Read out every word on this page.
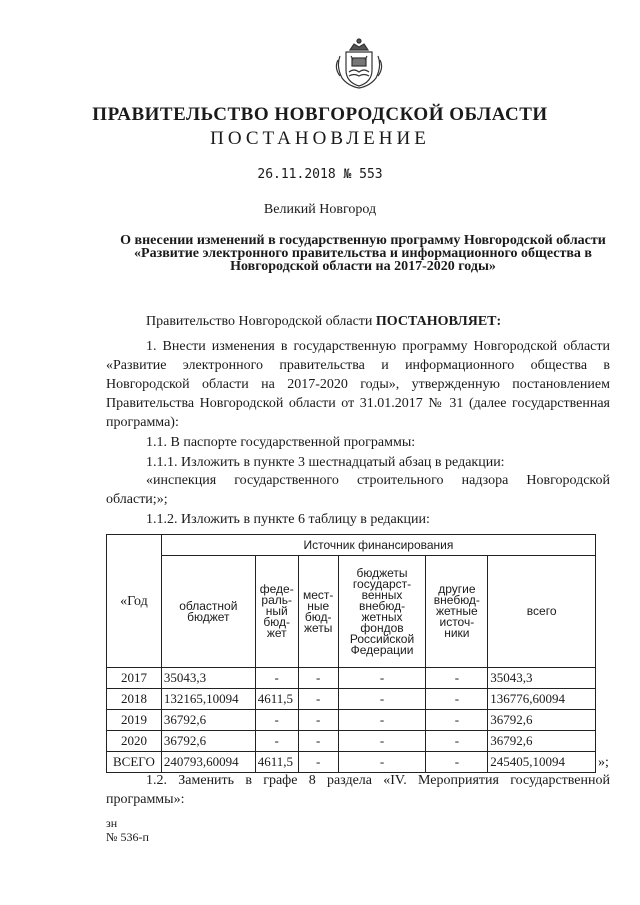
ПРАВИТЕЛЬСТВО НОВГОРОДСКОЙ ОБЛАСТИ
ПОСТАНОВЛЕНИЕ
26.11.2018 № 553
Великий Новгород
О внесении изменений в государственную программу Новгородской области «Развитие электронного правительства и информационного общества в Новгородской области на 2017-2020 годы»

Правительство Новгородской области ПОСТАНОВЛЯЕТ:

1. Внести изменения в государственную программу Новгородской области «Развитие электронного правительства и информационного общества в Новгородской области на 2017-2020 годы», утвержденную постановлением Правительства Новгородской области от 31.01.2017 № 31 (далее государственная программа):

1.1. В паспорте государственной программы:

1.1.1. Изложить в пункте 3 шестнадцатый абзац в редакции:

«инспекция государственного строительного надзора Новгородской области;»;

1.1.2. Изложить в пункте 6 таблицу в редакции:

«Год	Источник финансирования					
	областной бюджет	феде-раль-ный бюд-жет	мест-ные бюд-жеты	бюджеты государст-венных внебюд-жетных фондов Российской Федерации	другие внебюд-жетные источ-ники	всего
2017	35043,3	-	-	-	-	35043,3
2018	132165,10094	4611,5	-	-	-	136776,60094
2019	36792,6	-	-	-	-	36792,6
2020	36792,6	-	-	-	-	36792,6
ВСЕГО	240793,60094	4611,5	-	-	-	245405,10094 »;

1.2. Заменить в графе 8 раздела «IV. Мероприятия государственной программы»:

зн
№ 536-п
